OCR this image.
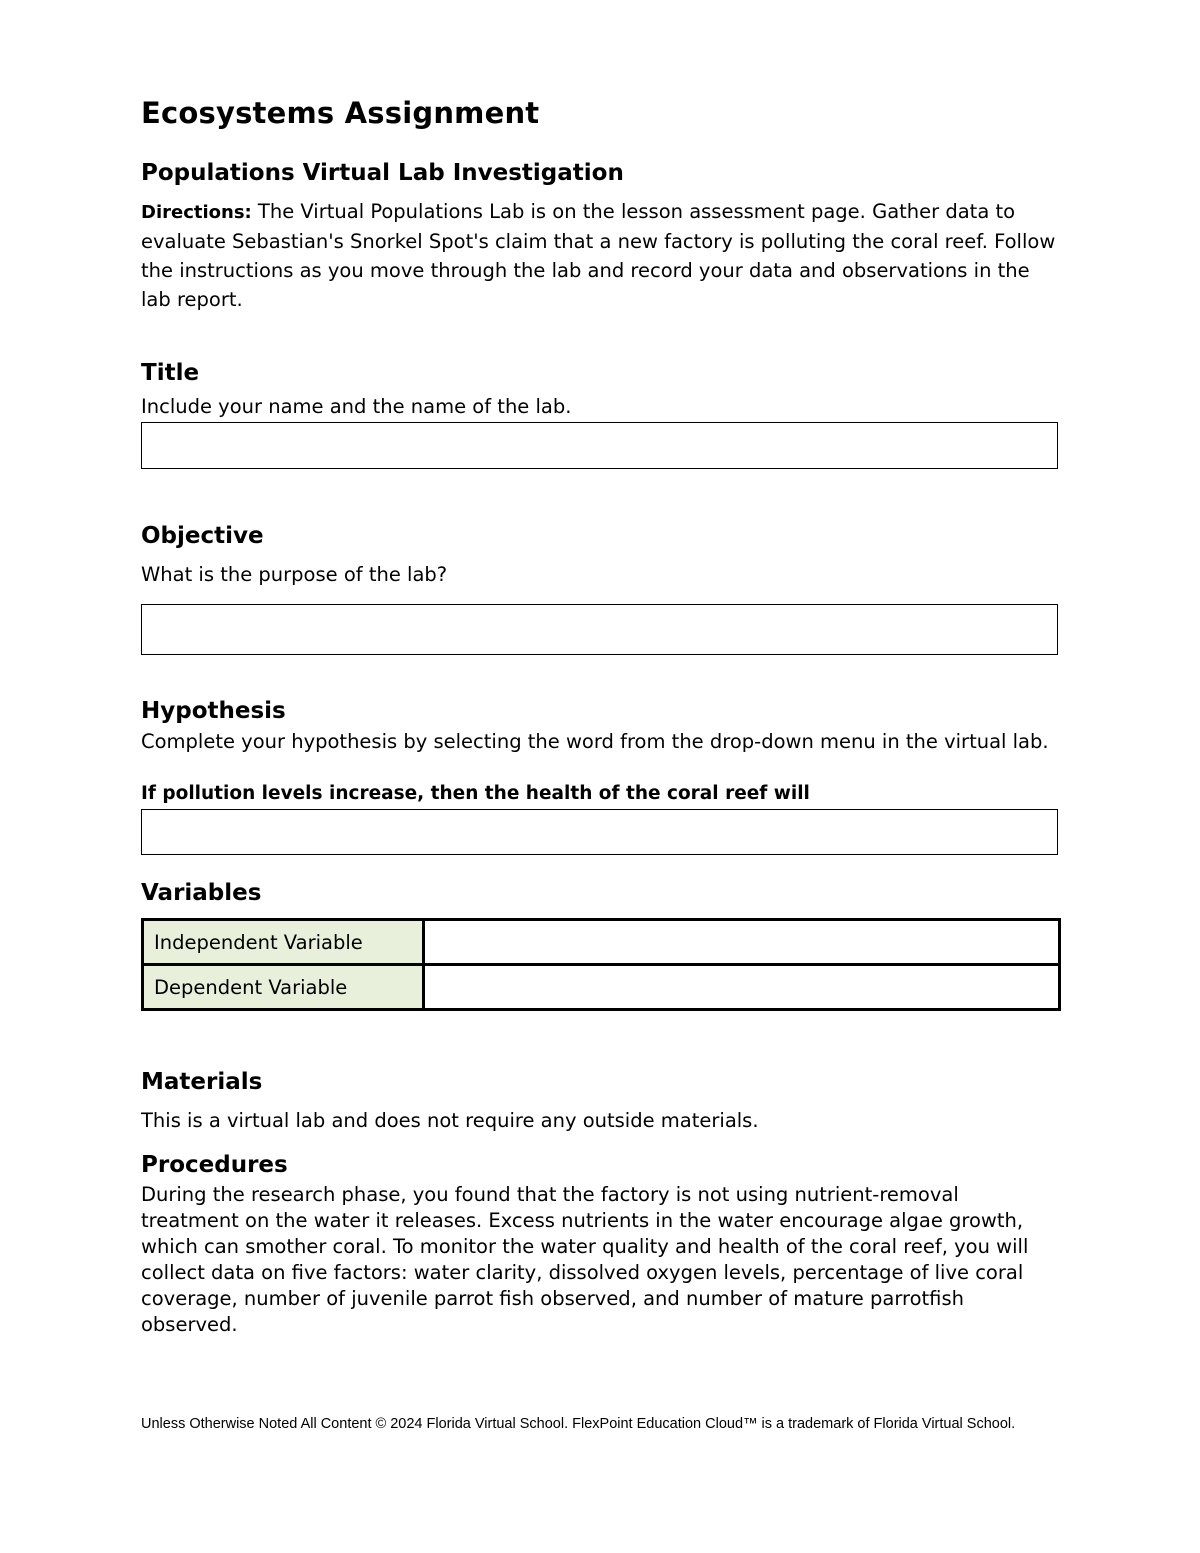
Ecosystems Assignment
Populations Virtual Lab Investigation

Directions: The Virtual Populations Lab is on the lesson assessment page. Gather data to evaluate Sebastian's Snorkel Spot's claim that a new factory is polluting the coral reef. Follow the instructions as you move through the lab and record your data and observations in the lab report.

Title

Include your name and the name of the lab.

Objective

What is the purpose of the lab?

Hypothesis

Complete your hypothesis by selecting the word from the drop-down menu in the virtual lab.

If pollution levels increase, then the health of the coral reef will

Variables
Independent Variable	
Dependent Variable	
Materials

This is a virtual lab and does not require any outside materials.

Procedures

During the research phase, you found that the factory is not using nutrient-removal treatment on the water it releases. Excess nutrients in the water encourage algae growth, which can smother coral. To monitor the water quality and health of the coral reef, you will collect data on five factors: water clarity, dissolved oxygen levels, percentage of live coral coverage, number of juvenile parrot fish observed, and number of mature parrotfish observed.

Unless Otherwise Noted All Content © 2024 Florida Virtual School. FlexPoint Education Cloud™ is a trademark of Florida Virtual School.
